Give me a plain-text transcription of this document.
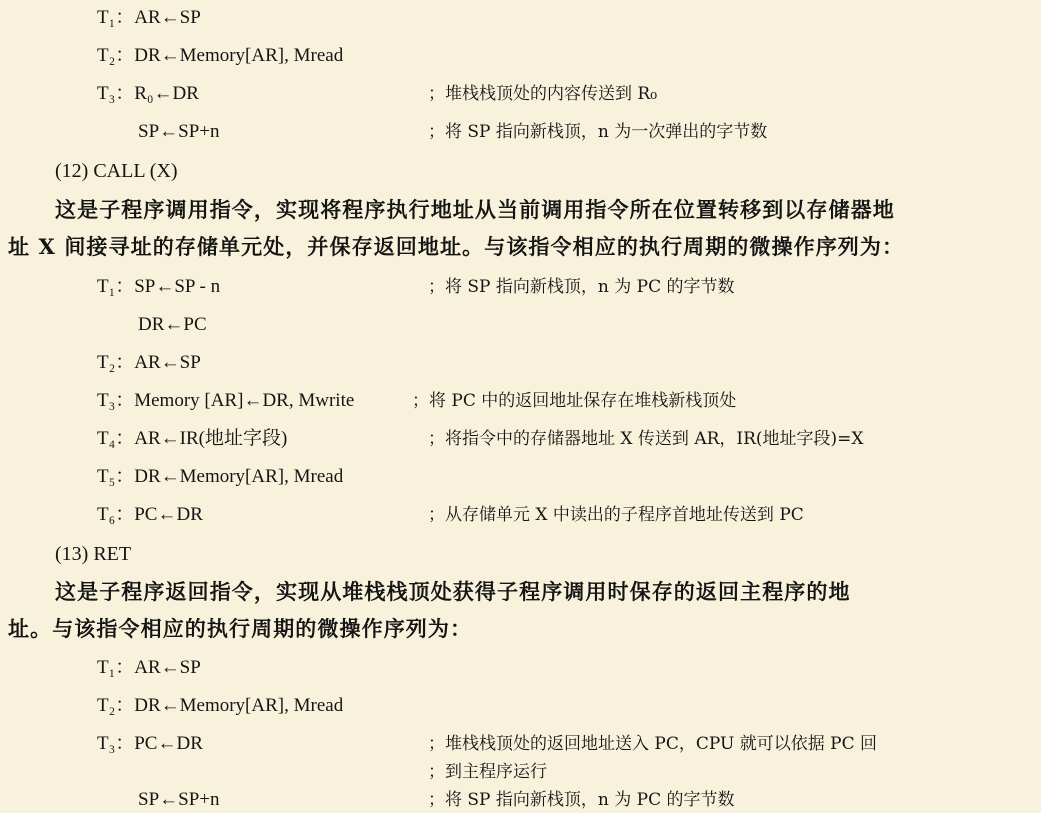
T₁：AR←SP
T₂：DR←Memory[AR], Mread
T₃：R₀←DR	；堆栈栈顶处的内容传送到 R₀
SP←SP+n	；将 SP 指向新栈顶，n 为一次弹出的字节数
(12) CALL (X)
这是子程序调用指令，实现将程序执行地址从当前调用指令所在位置转移到以存储器地
址 X 间接寻址的存储单元处，并保存返回地址。与该指令相应的执行周期的微操作序列为：
T₁：SP←SP - n	；将 SP 指向新栈顶，n 为 PC 的字节数
DR←PC
T₂：AR←SP
T₃：Memory [AR]←DR, Mwrite	；将 PC 中的返回地址保存在堆栈新栈顶处
T₄：AR←IR(地址字段)	；将指令中的存储器地址 X 传送到 AR，IR(地址字段)=X
T₅：DR←Memory[AR], Mread
T₆：PC←DR	；从存储单元 X 中读出的子程序首地址传送到 PC
(13) RET
这是子程序返回指令，实现从堆栈栈顶处获得子程序调用时保存的返回主程序的地
址。与该指令相应的执行周期的微操作序列为：
T₁：AR←SP
T₂：DR←Memory[AR], Mread
T₃：PC←DR	；堆栈栈顶处的返回地址送入 PC，CPU 就可以依据 PC 回
；到主程序运行
SP←SP+n	；将 SP 指向新栈顶，n 为 PC 的字节数
